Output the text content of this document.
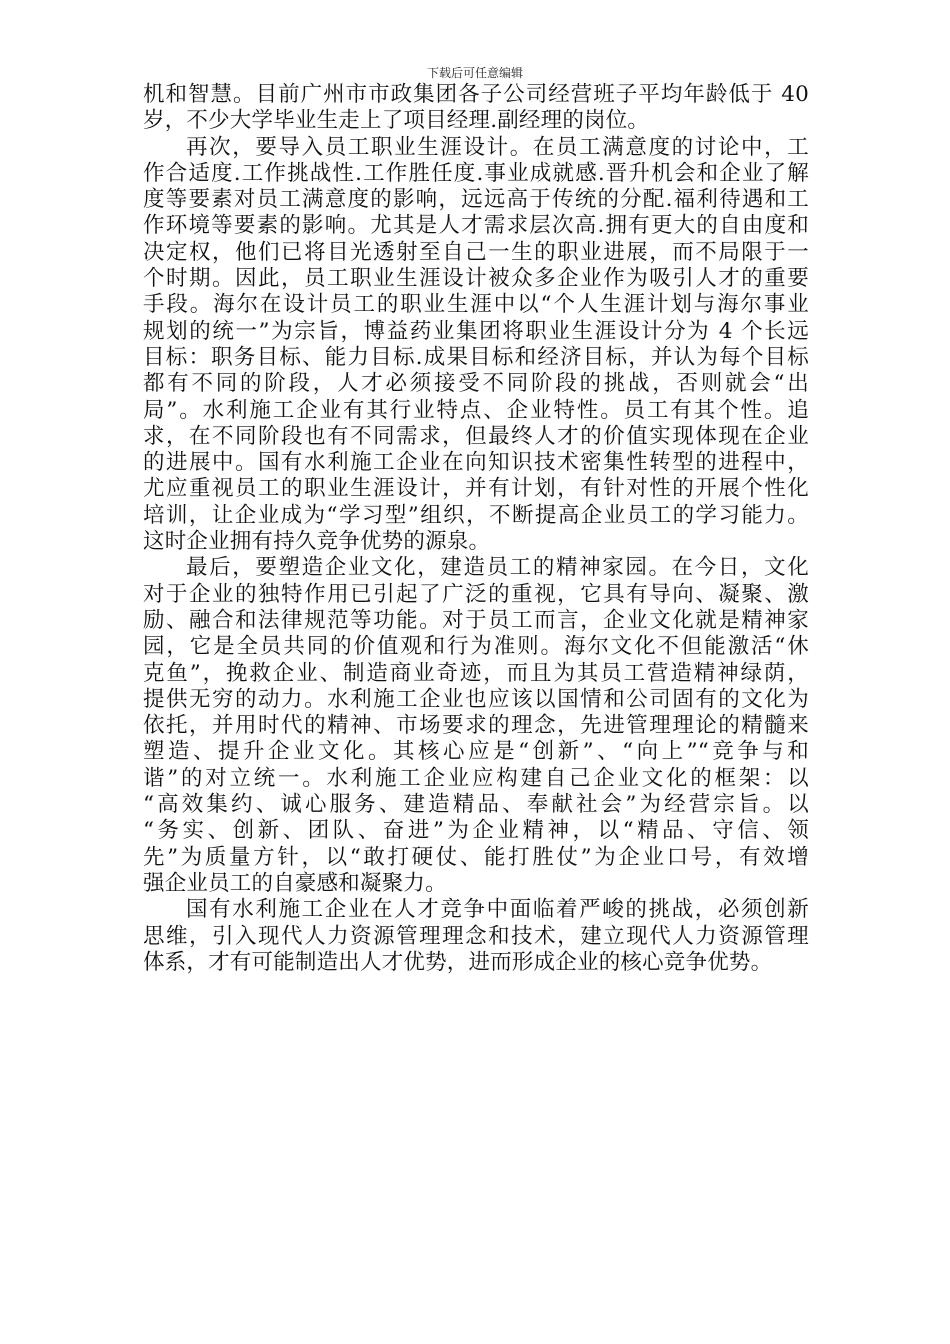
下载后可任意编辑
机和智慧。目前广州市市政集团各子公司经营班子平均年龄低于 40
岁，不少大学毕业生走上了项目经理.副经理的岗位。
再次，要导入员工职业生涯设计。在员工满意度的讨论中，工
作合适度.工作挑战性.工作胜任度.事业成就感.晋升机会和企业了解
度等要素对员工满意度的影响，远远高于传统的分配.福利待遇和工
作环境等要素的影响。尤其是人才需求层次高.拥有更大的自由度和
决定权，他们已将目光透射至自己一生的职业进展，而不局限于一
个时期。因此，员工职业生涯设计被众多企业作为吸引人才的重要
手段。海尔在设计员工的职业生涯中以“个人生涯计划与海尔事业
规划的统一”为宗旨，博益药业集团将职业生涯设计分为 4 个长远
目标：职务目标、能力目标.成果目标和经济目标，并认为每个目标
都有不同的阶段，人才必须接受不同阶段的挑战，否则就会“出
局”。水利施工企业有其行业特点、企业特性。员工有其个性。追
求，在不同阶段也有不同需求，但最终人才的价值实现体现在企业
的进展中。国有水利施工企业在向知识技术密集性转型的进程中，
尤应重视员工的职业生涯设计，并有计划，有针对性的开展个性化
培训，让企业成为“学习型”组织，不断提高企业员工的学习能力。
这时企业拥有持久竞争优势的源泉。
最后，要塑造企业文化，建造员工的精神家园。在今日，文化
对于企业的独特作用已引起了广泛的重视，它具有导向、凝聚、激
励、融合和法律规范等功能。对于员工而言，企业文化就是精神家
园，它是全员共同的价值观和行为准则。海尔文化不但能激活“休
克鱼”，挽救企业、制造商业奇迹，而且为其员工营造精神绿荫，
提供无穷的动力。水利施工企业也应该以国情和公司固有的文化为
依托，并用时代的精神、市场要求的理念，先进管理理论的精髓来
塑造、提升企业文化。其核心应是“创新”、“向上”“竞争与和
谐”的对立统一。水利施工企业应构建自己企业文化的框架：以
“高效集约、诚心服务、建造精品、奉献社会”为经营宗旨。以
“务实、创新、团队、奋进”为企业精神，以“精品、守信、领
先”为质量方针，以“敢打硬仗、能打胜仗”为企业口号，有效增
强企业员工的自豪感和凝聚力。
国有水利施工企业在人才竞争中面临着严峻的挑战，必须创新
思维，引入现代人力资源管理理念和技术，建立现代人力资源管理
体系，才有可能制造出人才优势，进而形成企业的核心竞争优势。
